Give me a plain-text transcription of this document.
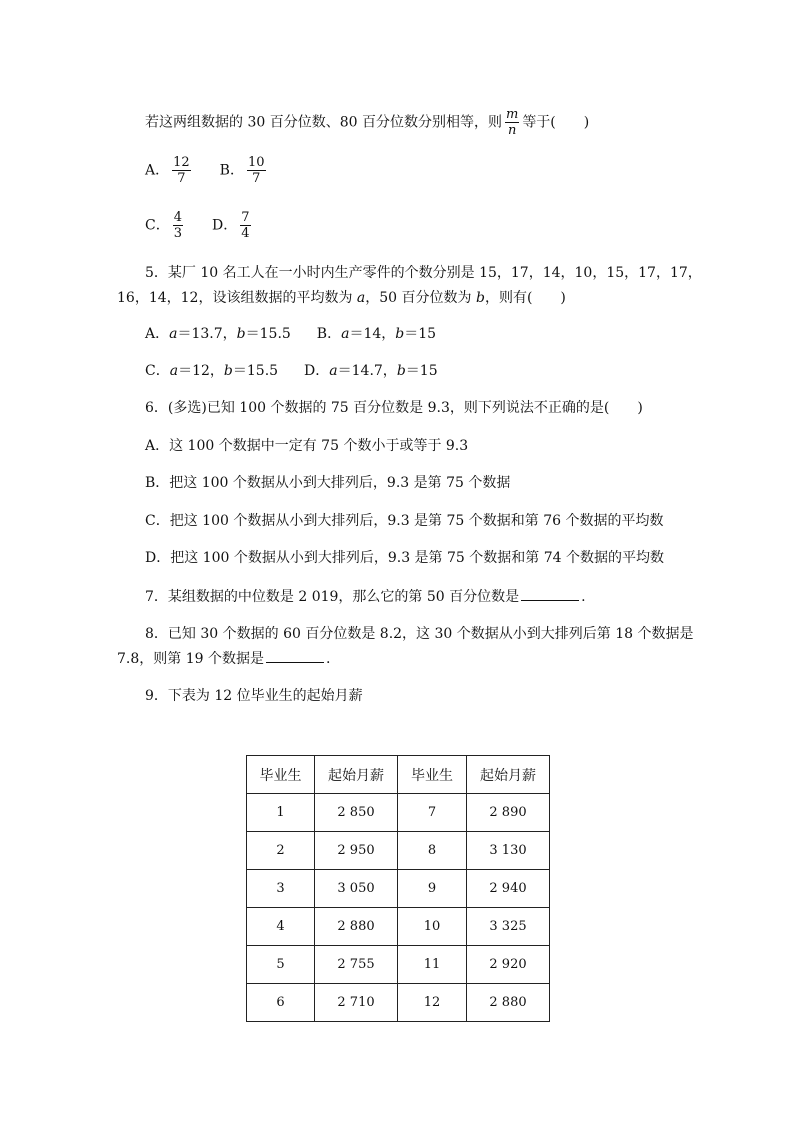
若这两组数据的 30 百分位数、80 百分位数分别相等，则 $\frac{m}{n}$ 等于(　　)
A． $\frac{12}{7}$ B． $\frac{10}{7}$
C． $\frac{4}{3}$ D． $\frac{7}{4}$
5．某厂 10 名工人在一小时内生产零件的个数分别是 15，17，14，10，15，17，17，
16，14，12，设该组数据的平均数为 a，50 百分位数为 b，则有(　　)
A．a＝13.7，b＝15.5 B．a＝14，b＝15
C．a＝12，b＝15.5 D．a＝14.7，b＝15
6．(多选)已知 100 个数据的 75 百分位数是 9.3，则下列说法不正确的是(　　)
A．这 100 个数据中一定有 75 个数小于或等于 9.3
B．把这 100 个数据从小到大排列后，9.3 是第 75 个数据
C．把这 100 个数据从小到大排列后，9.3 是第 75 个数据和第 76 个数据的平均数
D．把这 100 个数据从小到大排列后，9.3 是第 75 个数据和第 74 个数据的平均数
7．某组数据的中位数是 2 019，那么它的第 50 百分位数是	.
8．已知 30 个数据的 60 百分位数是 8.2，这 30 个数据从小到大排列后第 18 个数据是
7.8，则第 19 个数据是	.
9．下表为 12 位毕业生的起始月薪
毕业生	起始月薪	毕业生	起始月薪
1	2 850	7	2 890
2	2 950	8	3 130
3	3 050	9	2 940
4	2 880	10	3 325
5	2 755	11	2 920
6	2 710	12	2 880
